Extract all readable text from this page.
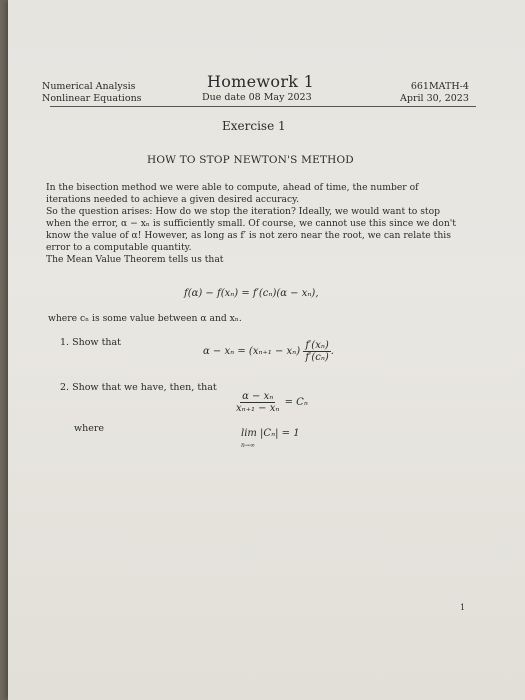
Numerical Analysis
Nonlinear Equations
Homework 1
Due date 08 May 2023
661MATH-4
April 30, 2023
Exercise 1
HOW TO STOP NEWTON'S METHOD

In the bisection method we were able to compute, ahead of time, the number of iterations needed to achieve a given desired accuracy.

So the question arises: How do we stop the iteration? Ideally, we would want to stop when the error, α − xₙ is sufficiently small. Of course, we cannot use this since we don't know the value of α! However, as long as f′ is not zero near the root, we can relate this error to a computable quantity.

The Mean Value Theorem tells us that

f(α) − f(xₙ) = f′(cₙ)(α − xₙ),
where cₙ is some value between α and xₙ.
1. Show that
$\alpha - x_n = (x_{n+1} - x_n) \frac{\text{f′(xₙ)}}{\text{f′(cₙ)}}$ .
2. Show that we have, then, that
$\frac{\text{α − xₙ}}{\text{xₙ₊₁ − xₙ}} = C_n$
where	lim |Cₙ| = 1
n→∞
1
